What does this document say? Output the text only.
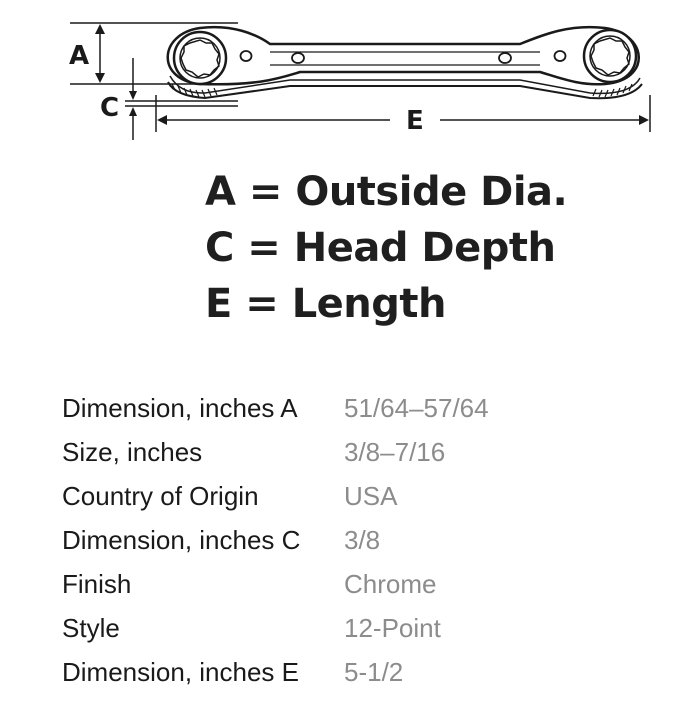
A
C	E
A = Outside Dia.
C = Head Depth
E = Length
Dimension, inches A	51/64–57/64
Size, inches	3/8–7/16
Country of Origin	USA
Dimension, inches C	3/8
Finish	Chrome
Style	12-Point
Dimension, inches E	5-1/2
